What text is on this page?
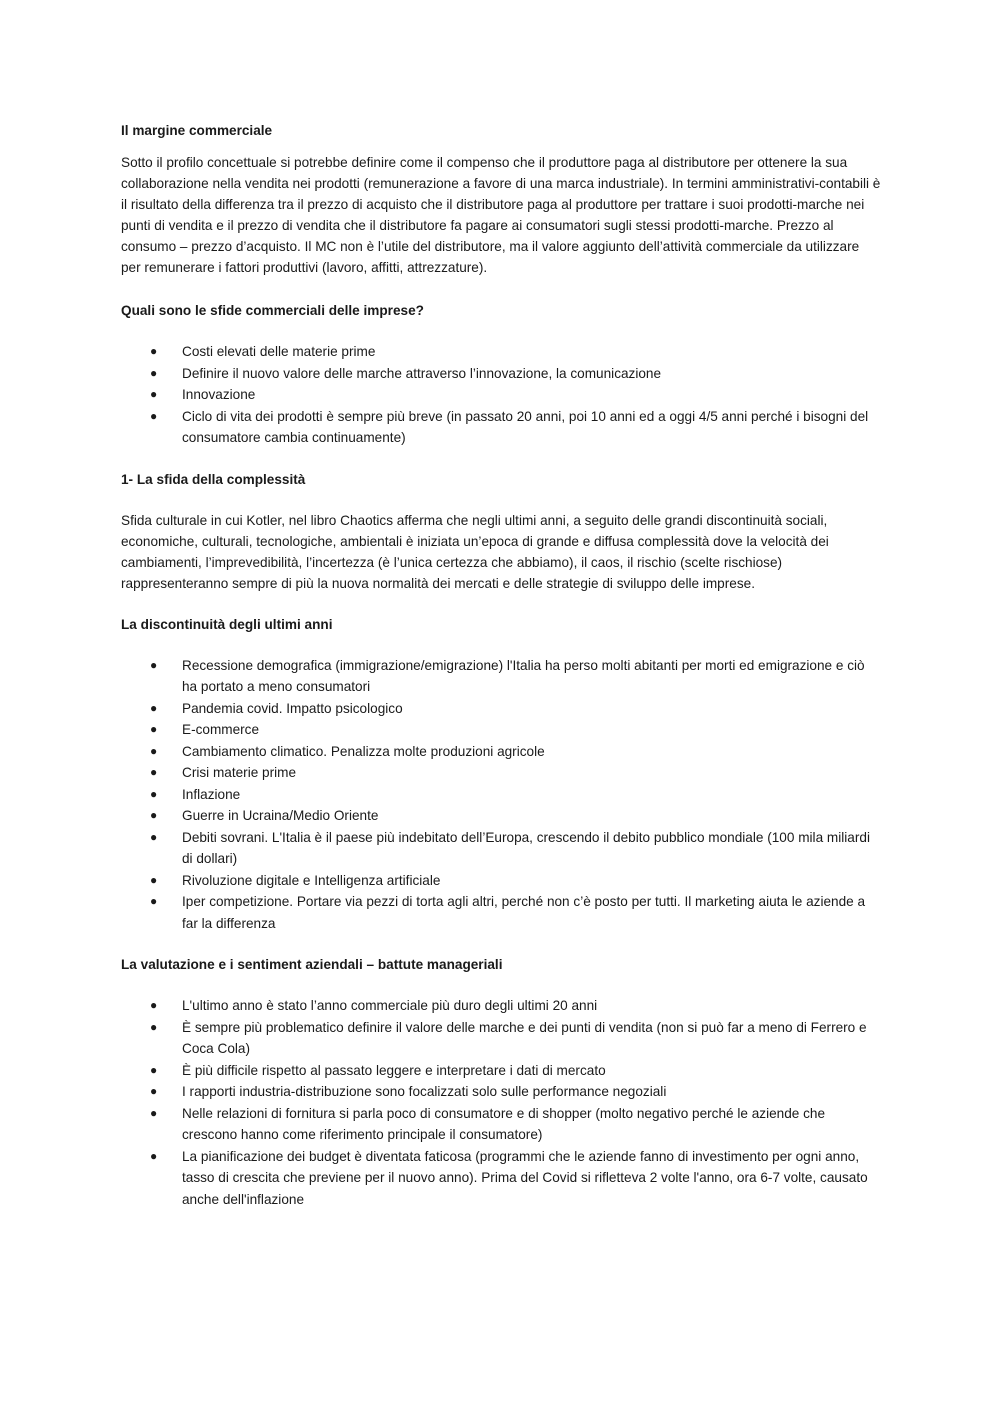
Il margine commerciale

Sotto il profilo concettuale si potrebbe definire come il compenso che il produttore paga al distributore per ottenere la sua collaborazione nella vendita nei prodotti (remunerazione a favore di una marca industriale). In termini amministrativi-contabili è il risultato della differenza tra il prezzo di acquisto che il distributore paga al produttore per trattare i suoi prodotti-marche nei punti di vendita e il prezzo di vendita che il distributore fa pagare ai consumatori sugli stessi prodotti-marche. Prezzo al consumo – prezzo d’acquisto. Il MC non è l’utile del distributore, ma il valore aggiunto dell’attività commerciale da utilizzare per remunerare i fattori produttivi (lavoro, affitti, attrezzature).

Quali sono le sfide commerciali delle imprese?
● Costi elevati delle materie prime
● Definire il nuovo valore delle marche attraverso l’innovazione, la comunicazione
● Innovazione
● Ciclo di vita dei prodotti è sempre più breve (in passato 20 anni, poi 10 anni ed a oggi 4/5 anni perché i bisogni del consumatore cambia continuamente)
1- La sfida della complessità

Sfida culturale in cui Kotler, nel libro Chaotics afferma che negli ultimi anni, a seguito delle grandi discontinuità sociali, economiche, culturali, tecnologiche, ambientali è iniziata un’epoca di grande e diffusa complessità dove la velocità dei cambiamenti, l’imprevedibilità, l’incertezza (è l’unica certezza che abbiamo), il caos, il rischio (scelte rischiose) rappresenteranno sempre di più la nuova normalità dei mercati e delle strategie di sviluppo delle imprese.

La discontinuità degli ultimi anni
● Recessione demografica (immigrazione/emigrazione) l'Italia ha perso molti abitanti per morti ed emigrazione e ciò ha portato a meno consumatori
● Pandemia covid. Impatto psicologico
● E-commerce
● Cambiamento climatico. Penalizza molte produzioni agricole
● Crisi materie prime
● Inflazione
● Guerre in Ucraina/Medio Oriente
● Debiti sovrani. L'Italia è il paese più indebitato dell’Europa, crescendo il debito pubblico mondiale (100 mila miliardi di dollari)
● Rivoluzione digitale e Intelligenza artificiale
● Iper competizione. Portare via pezzi di torta agli altri, perché non c’è posto per tutti. Il marketing aiuta le aziende a far la differenza
La valutazione e i sentiment aziendali – battute manageriali
● L'ultimo anno è stato l’anno commerciale più duro degli ultimi 20 anni
● È sempre più problematico definire il valore delle marche e dei punti di vendita (non si può far a meno di Ferrero e Coca Cola)
● È più difficile rispetto al passato leggere e interpretare i dati di mercato
● I rapporti industria-distribuzione sono focalizzati solo sulle performance negoziali
● Nelle relazioni di fornitura si parla poco di consumatore e di shopper (molto negativo perché le aziende che crescono hanno come riferimento principale il consumatore)
● La pianificazione dei budget è diventata faticosa (programmi che le aziende fanno di investimento per ogni anno, tasso di crescita che previene per il nuovo anno). Prima del Covid si rifletteva 2 volte l'anno, ora 6-7 volte, causato anche dell'inflazione
